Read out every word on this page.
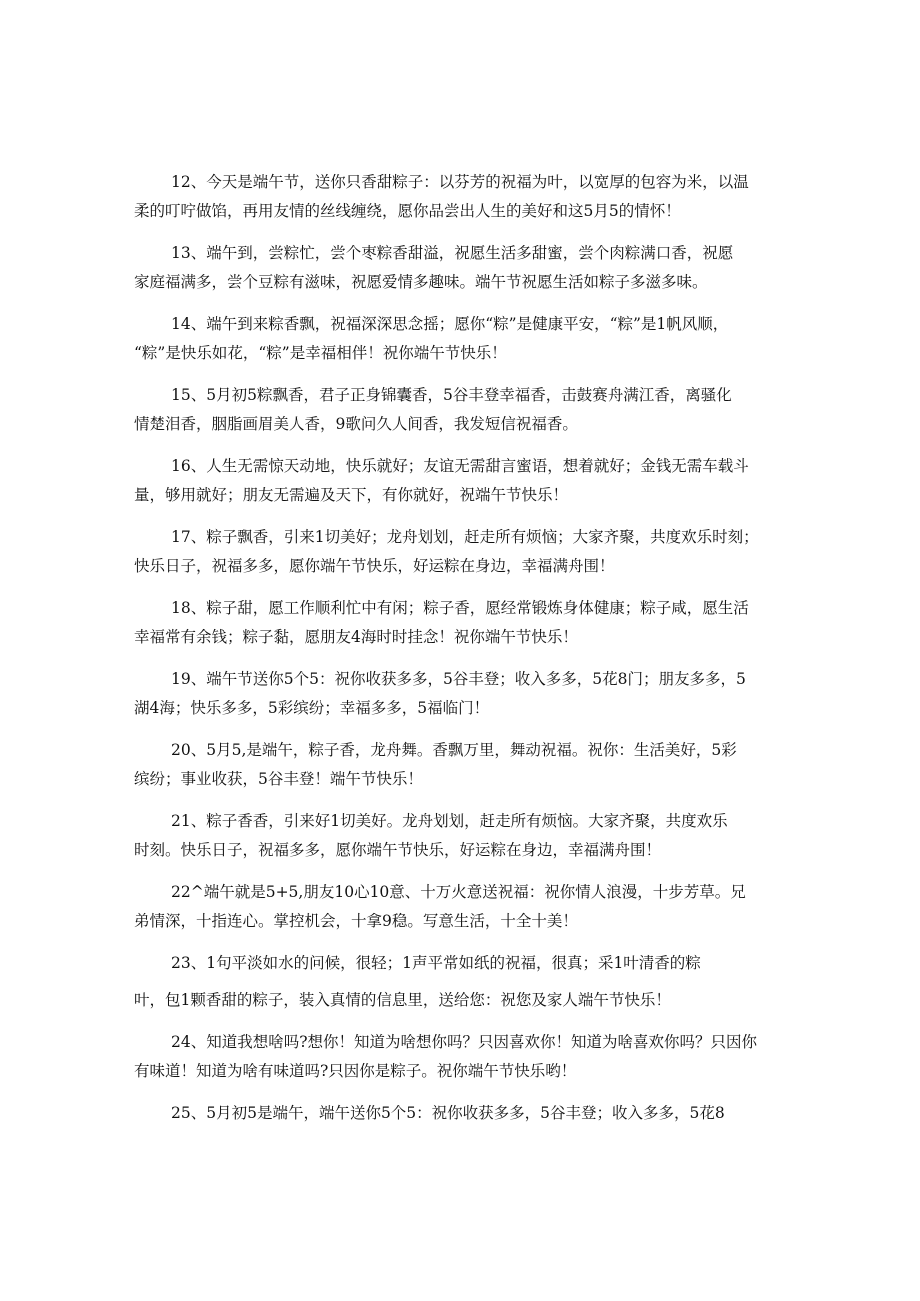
12、今天是端午节，送你只香甜粽子：以芬芳的祝福为叶，以宽厚的包容为米，以温
柔的叮咛做馅，再用友情的丝线缠绕，愿你品尝出人生的美好和这5月5的情怀！

13、端午到，尝粽忙，尝个枣粽香甜溢，祝愿生活多甜蜜，尝个肉粽满口香，祝愿
家庭福满多，尝个豆粽有滋味，祝愿爱情多趣味。端午节祝愿生活如粽子多滋多味。

14、端午到来粽香飘，祝福深深思念摇；愿你“粽”是健康平安，“粽”是1帆风顺，
“粽”是快乐如花，“粽”是幸福相伴！祝你端午节快乐！

15、5月初5粽飘香，君子正身锦囊香，5谷丰登幸福香，击鼓赛舟满江香，离骚化
情楚泪香，胭脂画眉美人香，9歌问久人间香，我发短信祝福香。

16、人生无需惊天动地，快乐就好；友谊无需甜言蜜语，想着就好；金钱无需车载斗
量，够用就好；朋友无需遍及天下，有你就好，祝端午节快乐！

17、粽子飘香，引来1切美好；龙舟划划，赶走所有烦恼；大家齐聚，共度欢乐时刻；
快乐日子，祝福多多，愿你端午节快乐，好运粽在身边，幸福满舟围！

18、粽子甜，愿工作顺利忙中有闲；粽子香，愿经常锻炼身体健康；粽子咸，愿生活
幸福常有余钱；粽子黏，愿朋友4海时时挂念！祝你端午节快乐！

19、端午节送你5个5：祝你收获多多，5谷丰登；收入多多，5花8门；朋友多多，5
湖4海；快乐多多，5彩缤纷；幸福多多，5福临门！

20、5月5,是端午，粽子香，龙舟舞。香飘万里，舞动祝福。祝你：生活美好，5彩
缤纷；事业收获，5谷丰登！端午节快乐！

21、粽子香香，引来好1切美好。龙舟划划，赶走所有烦恼。大家齐聚，共度欢乐
时刻。快乐日子，祝福多多，愿你端午节快乐，好运粽在身边，幸福满舟围！

22^端午就是5+5,朋友10心10意、十万火意送祝福：祝你情人浪漫，十步芳草。兄
弟情深，十指连心。掌控机会，十拿9稳。写意生活，十全十美！

23、1句平淡如水的问候，很轻；1声平常如纸的祝福，很真；采1叶清香的粽
叶，包1颗香甜的粽子，装入真情的信息里，送给您：祝您及家人端午节快乐！

24、知道我想啥吗?想你！知道为啥想你吗？只因喜欢你！知道为啥喜欢你吗？只因你
有味道！知道为啥有味道吗?只因你是粽子。祝你端午节快乐哟！

25、5月初5是端午，端午送你5个5：祝你收获多多，5谷丰登；收入多多，5花8
